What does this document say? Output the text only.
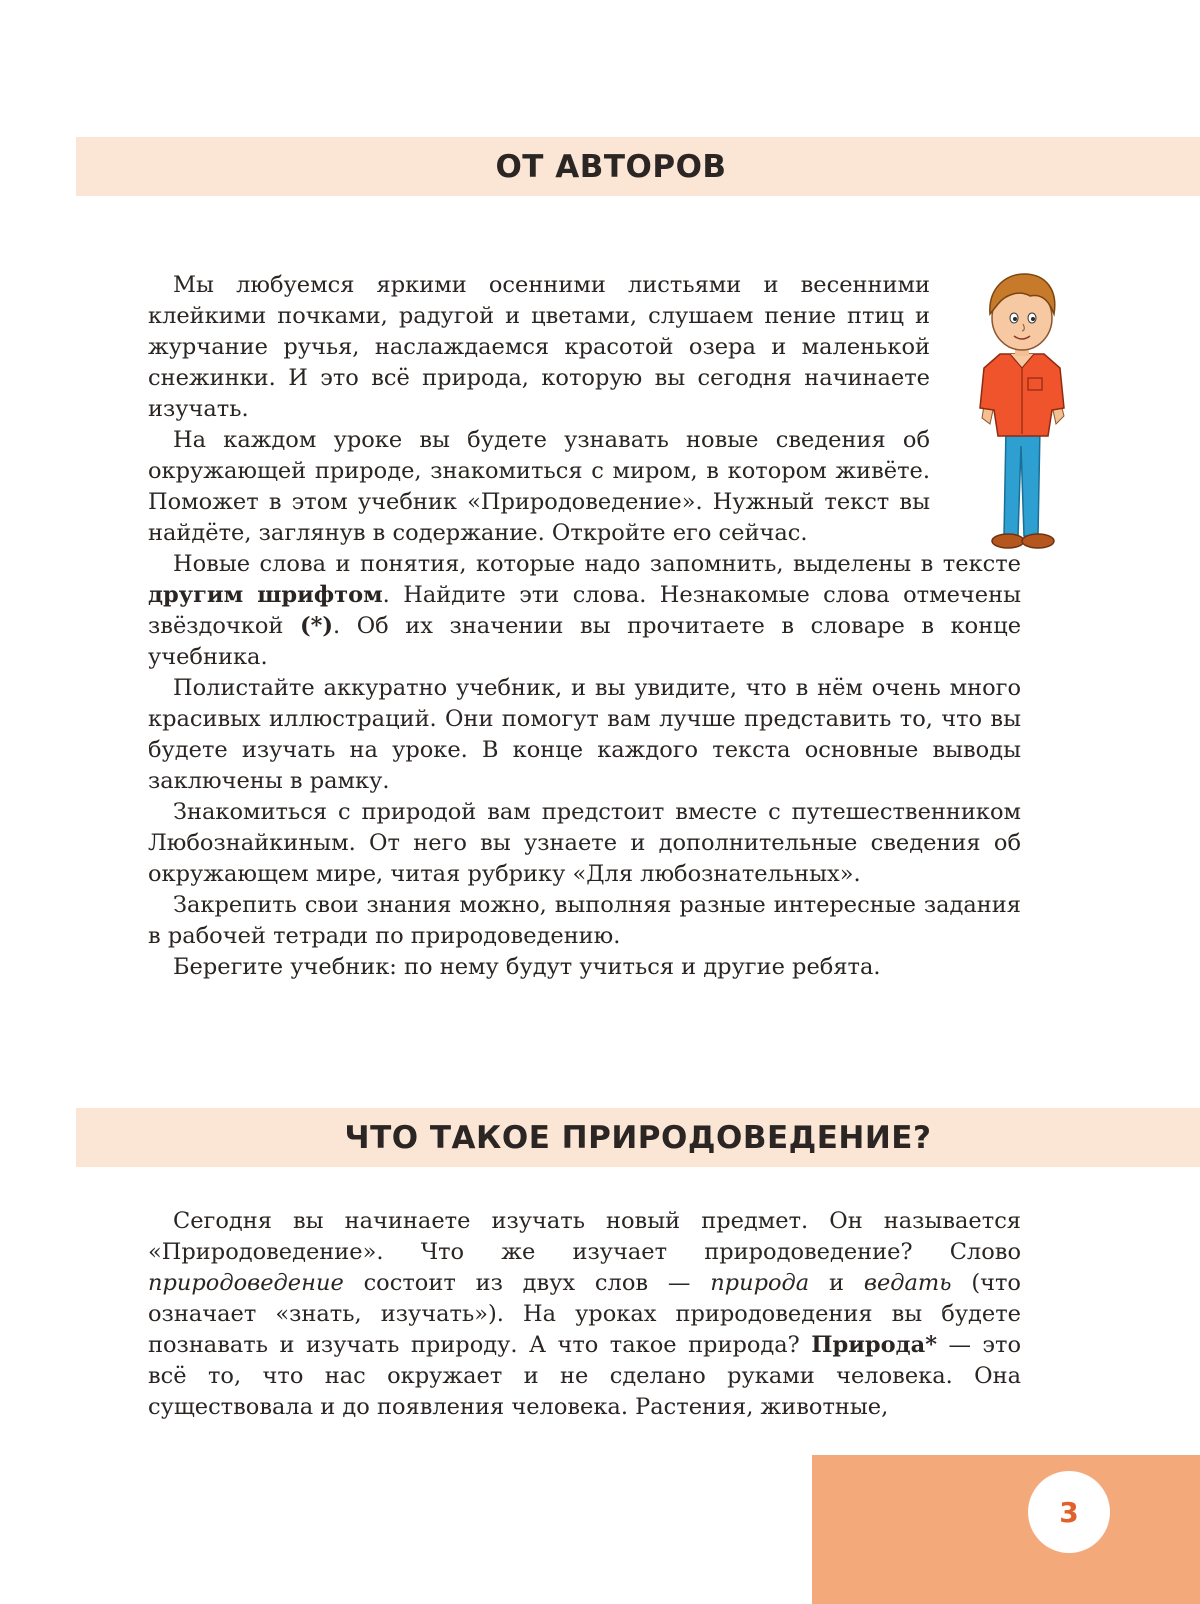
ОТ АВТОРОВ

Мы любуемся яркими осенними листьями и весенними клейкими почками, радугой и цветами, слушаем пение птиц и журчание ручья, наслаждаемся красотой озера и маленькой снежинки. И это всё природа, которую вы сегодня начинаете изучать.

На каждом уроке вы будете узнавать новые сведения об окружающей природе, знакомиться с миром, в котором живёте. Поможет в этом учебник «Природоведение». Нужный текст вы найдёте, заглянув в содержание. Откройте его сейчас.

Новые слова и понятия, которые надо запомнить, выделены в тексте другим шрифтом. Найдите эти слова. Незнакомые слова отмечены звёздочкой (*). Об их значении вы прочитаете в словаре в конце учебника.

Полистайте аккуратно учебник, и вы увидите, что в нём очень много красивых иллюстраций. Они помогут вам лучше представить то, что вы будете изучать на уроке. В конце каждого текста основные выводы заключены в рамку.

Знакомиться с природой вам предстоит вместе с путешественником Любознайкиным. От него вы узнаете и дополнительные сведения об окружающем мире, читая рубрику «Для любознательных».

Закрепить свои знания можно, выполняя разные интересные задания в рабочей тетради по природоведению.

Берегите учебник: по нему будут учиться и другие ребята.

ЧТО ТАКОЕ ПРИРОДОВЕДЕНИЕ?

Сегодня вы начинаете изучать новый предмет. Он называется «Природоведение». Что же изучает природоведение? Слово природоведение состоит из двух слов — природа и ведать (что означает «знать, изучать»). На уроках природоведения вы будете познавать и изучать природу. А что такое природа? Природа* — это всё то, что нас окружает и не сделано руками человека. Она существовала и до появления человека. Растения, животные,

3
